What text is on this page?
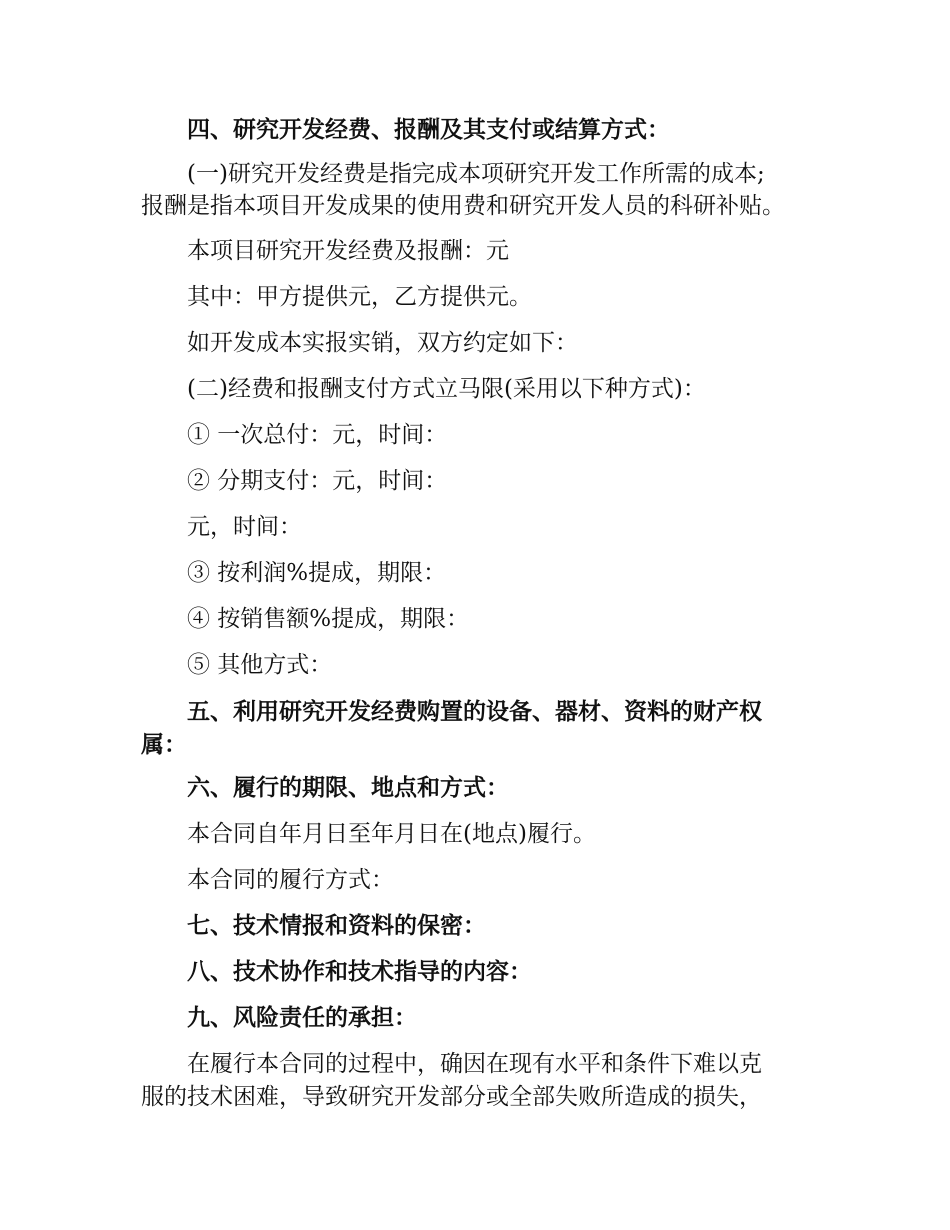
四、研究开发经费、报酬及其支付或结算方式：
(一)研究开发经费是指完成本项研究开发工作所需的成本;
报酬是指本项目开发成果的使用费和研究开发人员的科研补贴。
本项目研究开发经费及报酬：元
其中：甲方提供元，乙方提供元。
如开发成本实报实销，双方约定如下：
(二)经费和报酬支付方式立马限(采用以下种方式)：
① 一次总付：元，时间：
② 分期支付：元，时间：
元，时间：
③ 按利润%提成，期限：
④ 按销售额%提成，期限：
⑤ 其他方式：
五、利用研究开发经费购置的设备、器材、资料的财产权
属：
六、履行的期限、地点和方式：
本合同自年月日至年月日在(地点)履行。
本合同的履行方式：
七、技术情报和资料的保密：
八、技术协作和技术指导的内容：
九、风险责任的承担：
在履行本合同的过程中，确因在现有水平和条件下难以克
服的技术困难，导致研究开发部分或全部失败所造成的损失，
